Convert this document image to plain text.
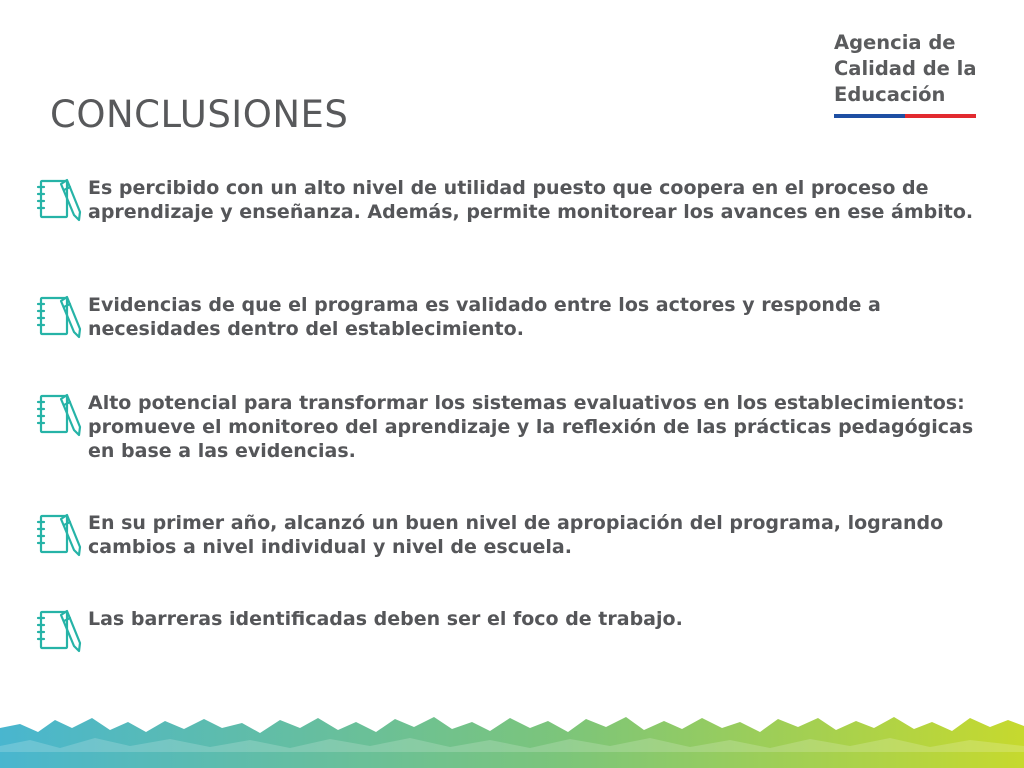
CONCLUSIONES
Agencia de
Calidad de la
Educación
Es percibido con un alto nivel de utilidad puesto que coopera en el proceso de aprendizaje y enseñanza. Además, permite monitorear los avances en ese ámbito.
Evidencias de que el programa es validado entre los actores y responde a necesidades dentro del establecimiento.
Alto potencial para transformar los sistemas evaluativos en los establecimientos: promueve el monitoreo del aprendizaje y la reflexión de las prácticas pedagógicas en base a las evidencias.
En su primer año, alcanzó un buen nivel de apropiación del programa, logrando cambios a nivel individual y nivel de escuela.
Las barreras identificadas deben ser el foco de trabajo.
